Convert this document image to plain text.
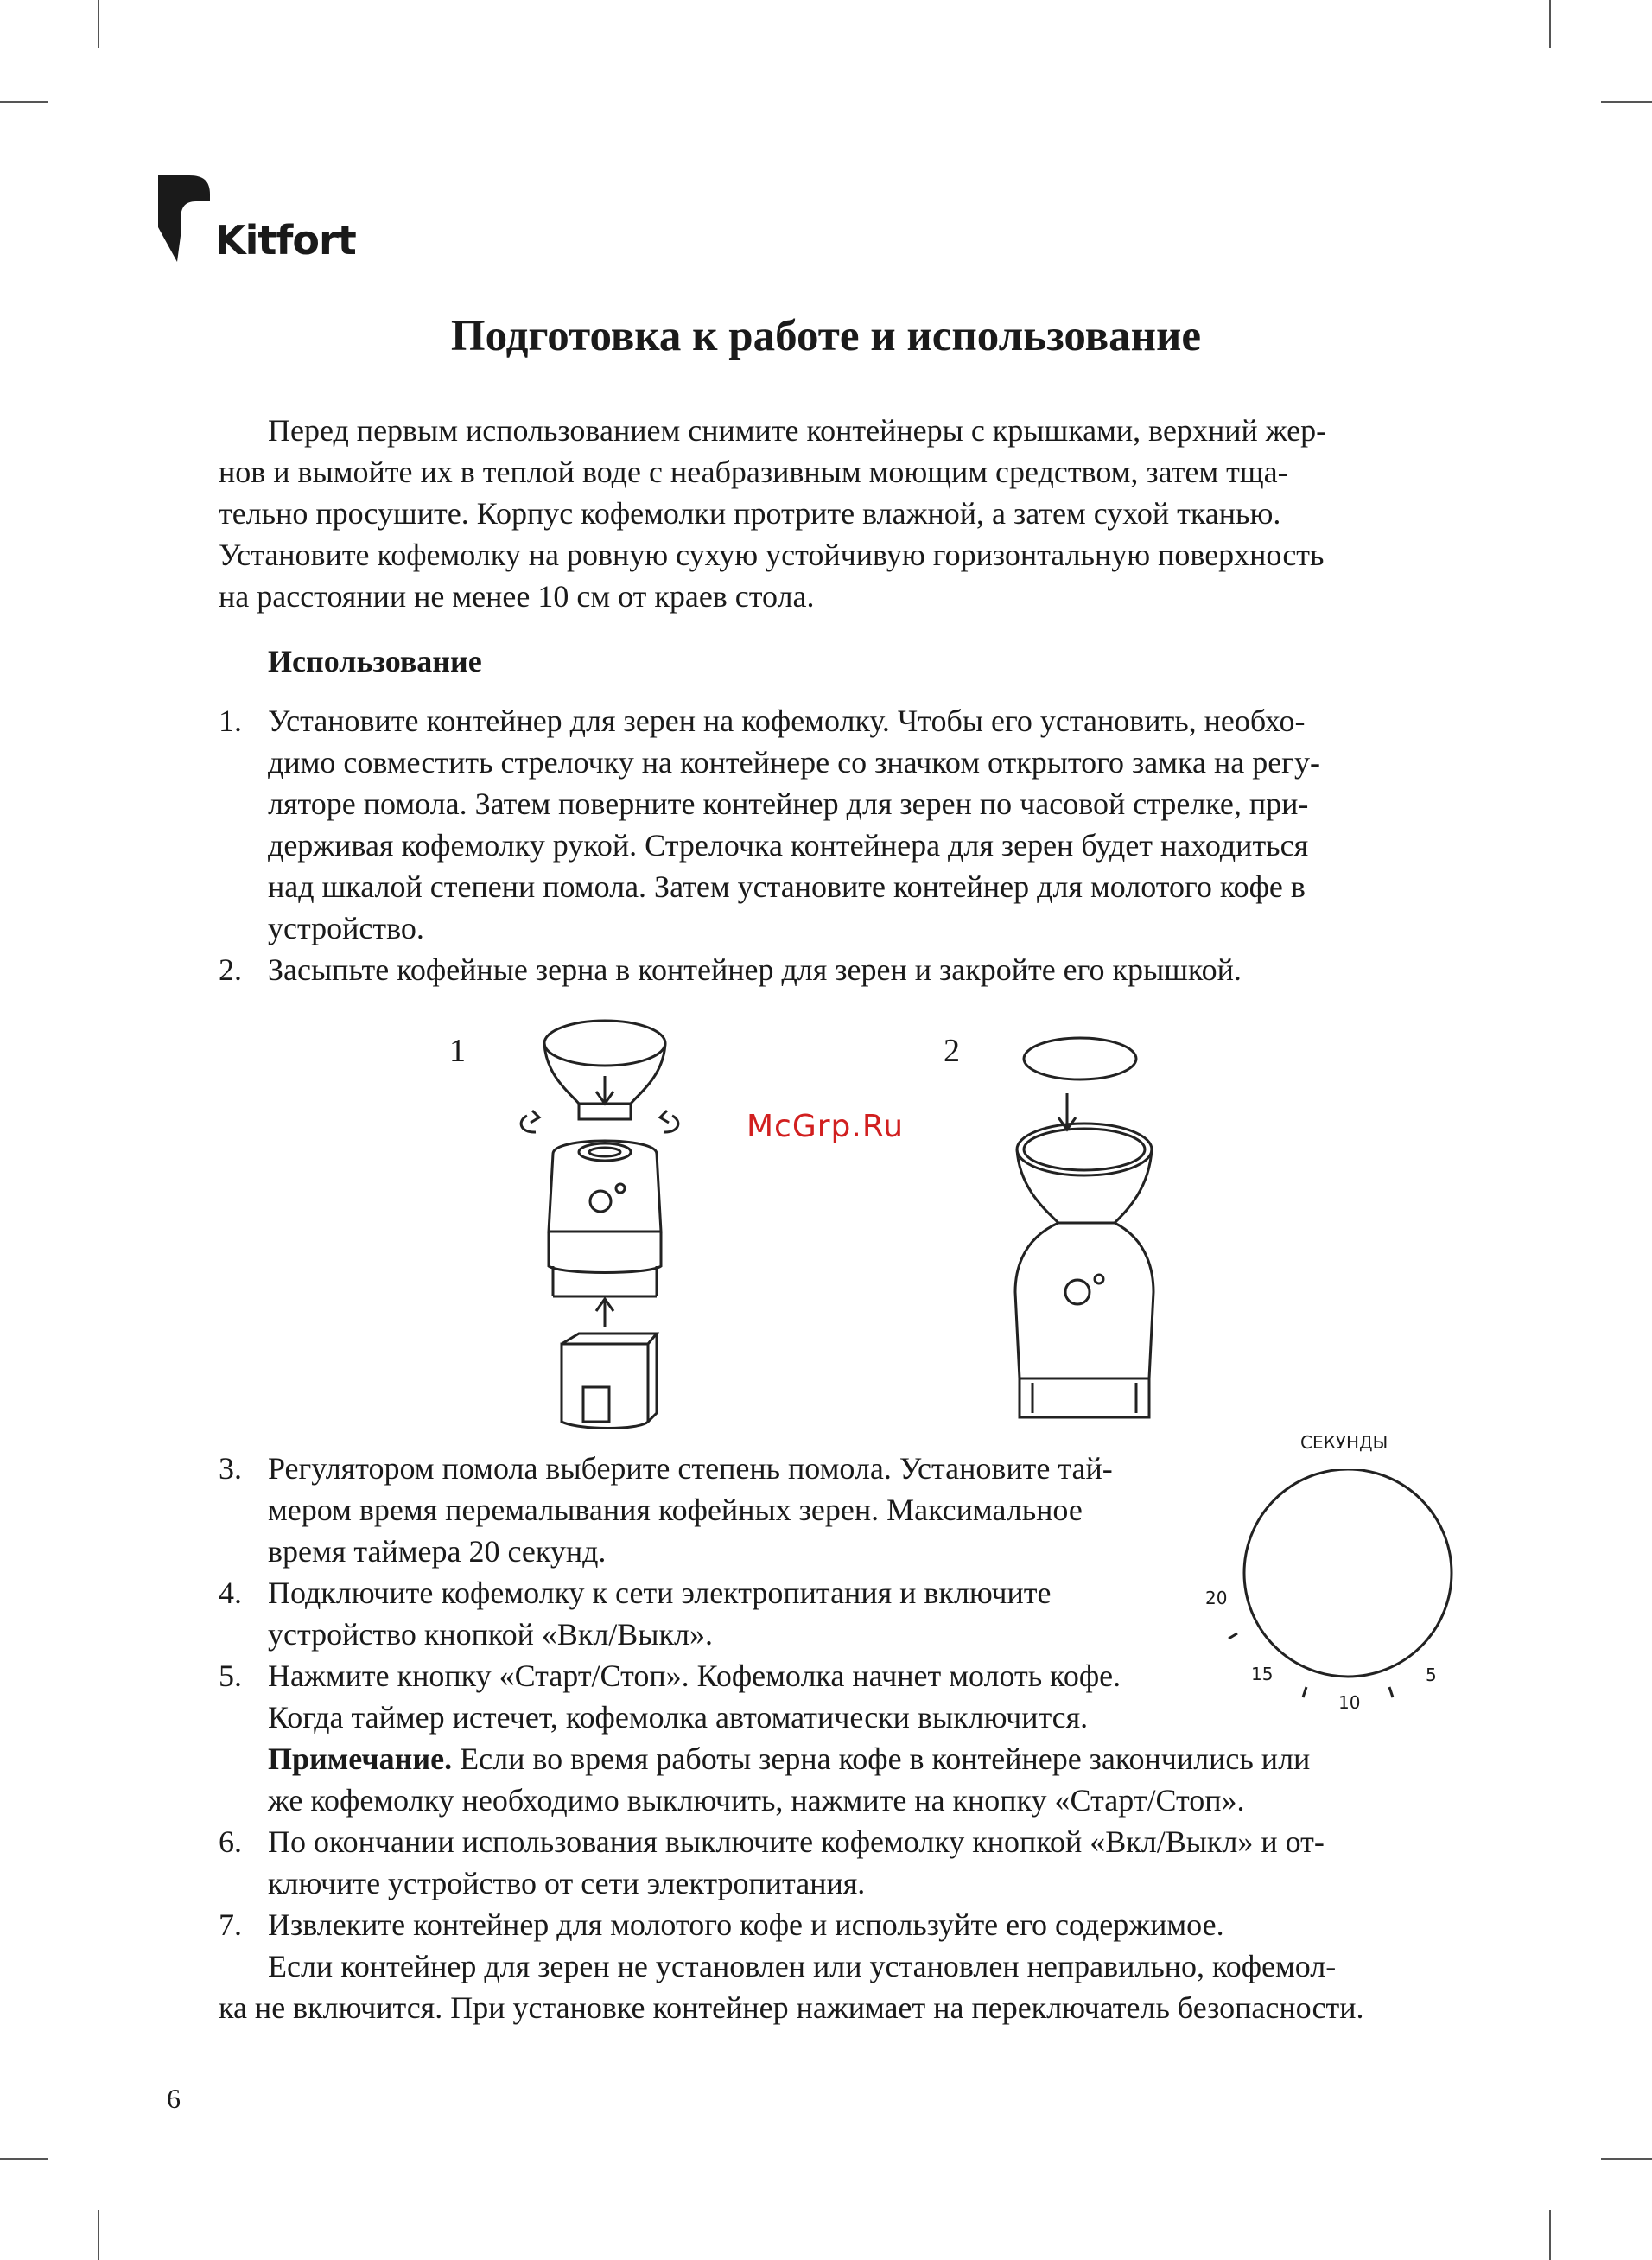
Kitfort
Подготовка к работе и использование
Перед первым использованием снимите контейнеры с крышками, верхний жер-
нов и вымойте их в теплой воде с неабразивным моющим средством, затем тща-
тельно просушите. Корпус кофемолки протрите влажной, а затем сухой тканью.
Установите кофемолку на ровную сухую устойчивую горизонтальную поверхность
на расстоянии не менее 10 см от краев стола.

Использование

1. Установите контейнер для зерен на кофемолку. Чтобы его установить, необхо-
димо совместить стрелочку на контейнере со значком открытого замка на регу-
ляторе помола. Затем поверните контейнер для зерен по часовой стрелке, при-
держивая кофемолку рукой. Стрелочка контейнера для зерен будет находиться
над шкалой степени помола. Затем установите контейнер для молотого кофе в
устройство.
2. Засыпьте кофейные зерна в контейнер для зерен и закройте его крышкой.
1	2
McGrp.Ru
СЕКУНДЫ
20
15
10
5
3. Регулятором помола выберите степень помола. Установите тай-
мером время перемалывания кофейных зерен. Максимальное
время таймера 20 секунд.
4. Подключите кофемолку к сети электропитания и включите
устройство кнопкой «Вкл/Выкл».
5. Нажмите кнопку «Старт/Стоп». Кофемолка начнет молоть кофе.
Когда таймер истечет, кофемолка автоматически выключится.
Примечание. Если во время работы зерна кофе в контейнере закончились или
же кофемолку необходимо выключить, нажмите на кнопку «Старт/Стоп».
6. По окончании использования выключите кофемолку кнопкой «Вкл/Выкл» и от-
ключите устройство от сети электропитания.
7. Извлеките контейнер для молотого кофе и используйте его содержимое.
Если контейнер для зерен не установлен или установлен неправильно, кофемол-
ка не включится. При установке контейнер нажимает на переключатель безопасности.
6
